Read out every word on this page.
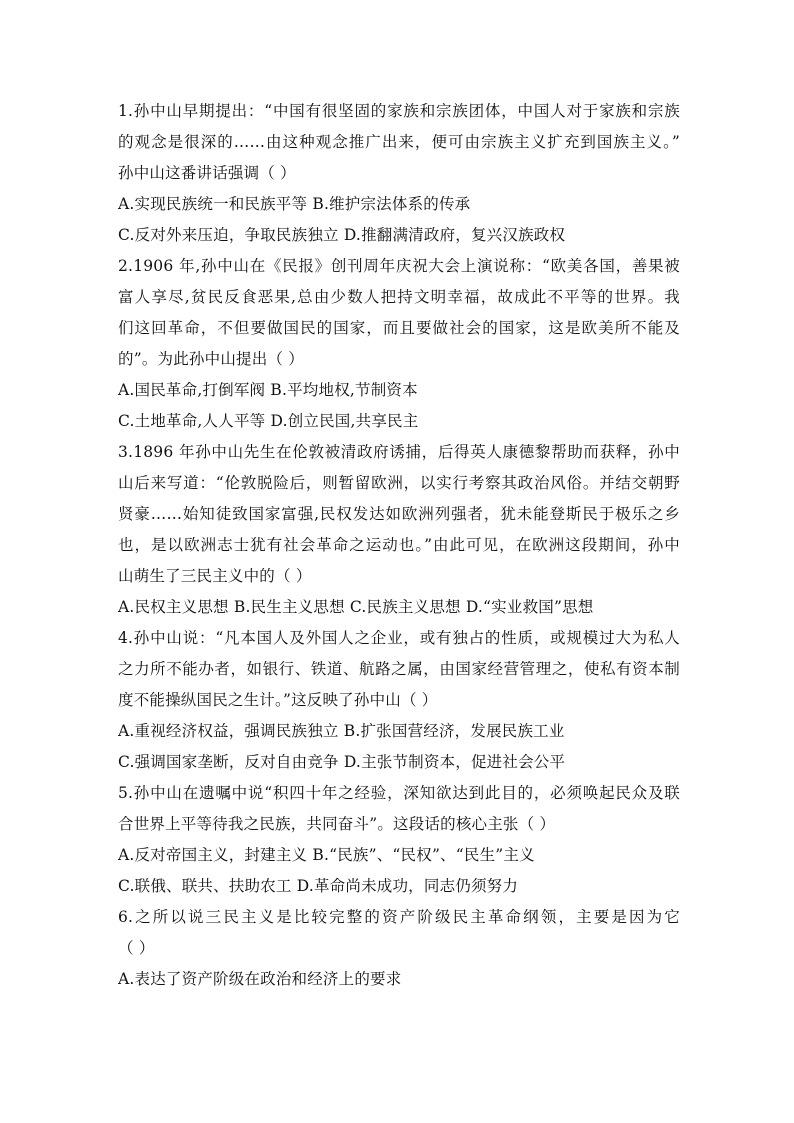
1.孙中山早期提出：“中国有很坚固的家族和宗族团体，中国人对于家族和宗族
的观念是很深的……由这种观念推广出来，便可由宗族主义扩充到国族主义。”
孙中山这番讲话强调（ ）
A.实现民族统一和民族平等 B.维护宗法体系的传承
C.反对外来压迫，争取民族独立 D.推翻满清政府，复兴汉族政权
2.1906 年,孙中山在《民报》创刊周年庆祝大会上演说称：“欧美各国，善果被
富人享尽,贫民反食恶果,总由少数人把持文明幸福，故成此不平等的世界。我
们这回革命，不但要做国民的国家，而且要做社会的国家，这是欧美所不能及
的”。为此孙中山提出（ ）
A.国民革命,打倒军阀 B.平均地权,节制资本
C.土地革命,人人平等 D.创立民国,共享民主
3.1896 年孙中山先生在伦敦被清政府诱捕，后得英人康德黎帮助而获释，孙中
山后来写道：“伦敦脱险后，则暂留欧洲，以实行考察其政治风俗。并结交朝野
贤豪……始知徒致国家富强,民权发达如欧洲列强者，犹未能登斯民于极乐之乡
也，是以欧洲志士犹有社会革命之运动也。”由此可见，在欧洲这段期间，孙中
山萌生了三民主义中的（ ）
A.民权主义思想 B.民生主义思想 C.民族主义思想 D.“实业救国”思想
4.孙中山说：“凡本国人及外国人之企业，或有独占的性质，或规模过大为私人
之力所不能办者，如银行、铁道、航路之属，由国家经营管理之，使私有资本制
度不能操纵国民之生计。”这反映了孙中山（ ）
A.重视经济权益，强调民族独立 B.扩张国营经济，发展民族工业
C.强调国家垄断，反对自由竞争 D.主张节制资本，促进社会公平
5.孙中山在遗嘱中说“积四十年之经验，深知欲达到此目的，必须唤起民众及联
合世界上平等待我之民族，共同奋斗”。这段话的核心主张（ ）
A.反对帝国主义，封建主义 B.“民族”、“民权”、“民生”主义
C.联俄、联共、扶助农工 D.革命尚未成功，同志仍须努力
6.之所以说三民主义是比较完整的资产阶级民主革命纲领，主要是因为它
（ ）
A.表达了资产阶级在政治和经济上的要求
